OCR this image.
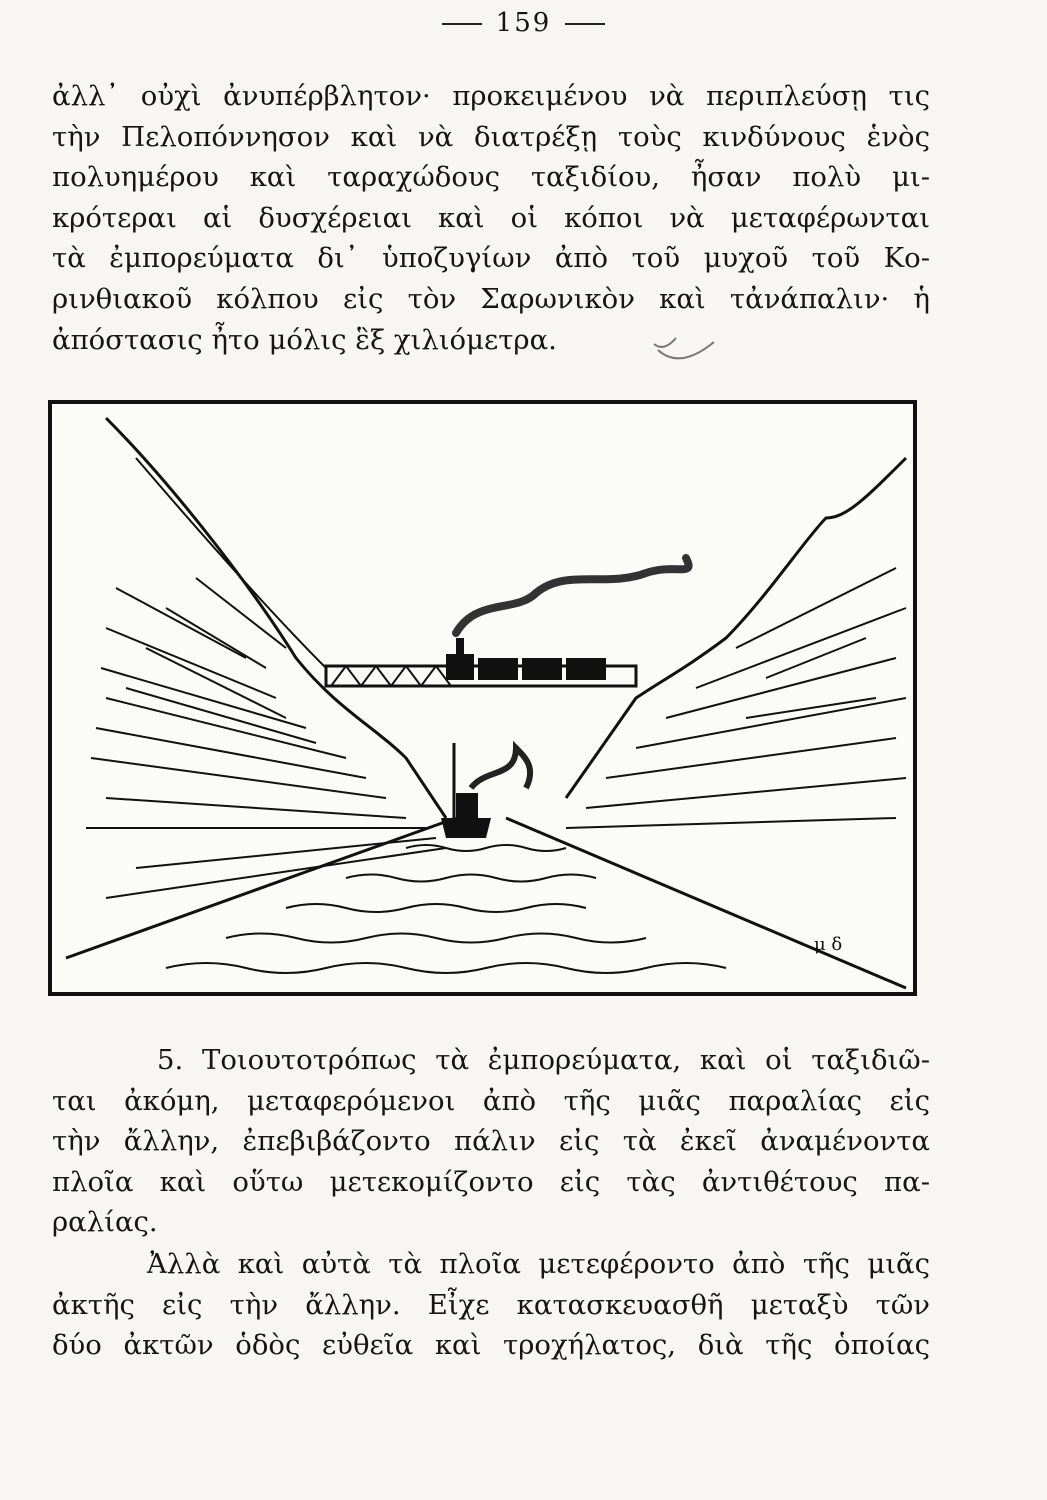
159
ἀλλ᾽ οὐχὶ ἀνυπέρβλητον· προκειμένου νὰ περιπλεύσῃ τις
τὴν Πελοπόννησον καὶ νὰ διατρέξῃ τοὺς κινδύνους ἑνὸς
πολυημέρου καὶ ταραχώδους ταξιδίου, ἦσαν πολὺ μι-
κρότεραι αἱ δυσχέρειαι καὶ οἱ κόποι νὰ μεταφέρωνται
τὰ ἐμπορεύματα δι᾽ ὑποζυγίων ἀπὸ τοῦ μυχοῦ τοῦ Κο-
ρινθιακοῦ κόλπου εἰς τὸν Σαρωνικὸν καὶ τἀνάπαλιν· ἡ
ἀπόστασις ἦτο μόλις ἓξ χιλιόμετρα.
μ δ
5. Τοιουτοτρόπως τὰ ἐμπορεύματα, καὶ οἱ ταξιδιῶ-
ται ἀκόμη, μεταφερόμενοι ἀπὸ τῆς μιᾶς παραλίας εἰς
τὴν ἄλλην, ἐπεβιβάζοντο πάλιν εἰς τὰ ἐκεῖ ἀναμένοντα
πλοῖα καὶ οὕτω μετεκομίζοντο εἰς τὰς ἀντιθέτους πα-
ραλίας.
Ἀλλὰ καὶ αὐτὰ τὰ πλοῖα μετεφέροντο ἀπὸ τῆς μιᾶς
ἀκτῆς εἰς τὴν ἄλλην. Εἶχε κατασκευασθῆ μεταξὺ τῶν
δύο ἀκτῶν ὁδὸς εὐθεῖα καὶ τροχήλατος, διὰ τῆς ὁποίας
